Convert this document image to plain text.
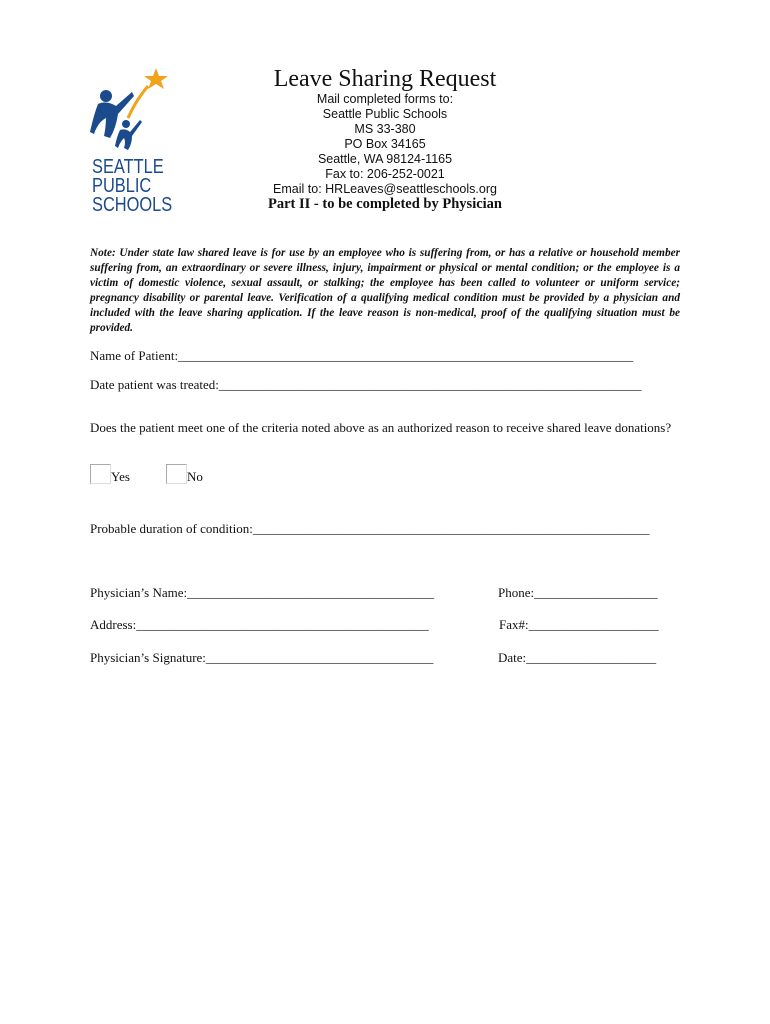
SEATTLE
PUBLIC
SCHOOLS
Leave Sharing Request
Mail completed forms to:
Seattle Public Schools
MS 33-380
PO Box 34165
Seattle, WA 98124-1165
Fax to: 206-252-0021
Email to: HRLeaves@seattleschools.org
Part II - to be completed by Physician
Note: Under state law shared leave is for use by an employee who is suffering from, or has a relative or household member suffering from, an extraordinary or severe illness, injury, impairment or physical or mental condition; or the employee is a victim of domestic violence, sexual assault, or stalking; the employee has been called to volunteer or uniform service; pregnancy disability or parental leave. Verification of a qualifying medical condition must be provided by a physician and included with the leave sharing application. If the leave reason is non-medical, proof of the qualifying situation must be provided.
Name of Patient:______________________________________________________________________
Date patient was treated:_________________________________________________________________
Does the patient meet one of the criteria noted above as an authorized reason to receive shared leave donations?
Yes	No
Probable duration of condition:_____________________________________________________________
Physician’s Name:______________________________________	Phone:___________________
Address:_____________________________________________	Fax#:____________________
Physician’s Signature:___________________________________	Date:____________________
